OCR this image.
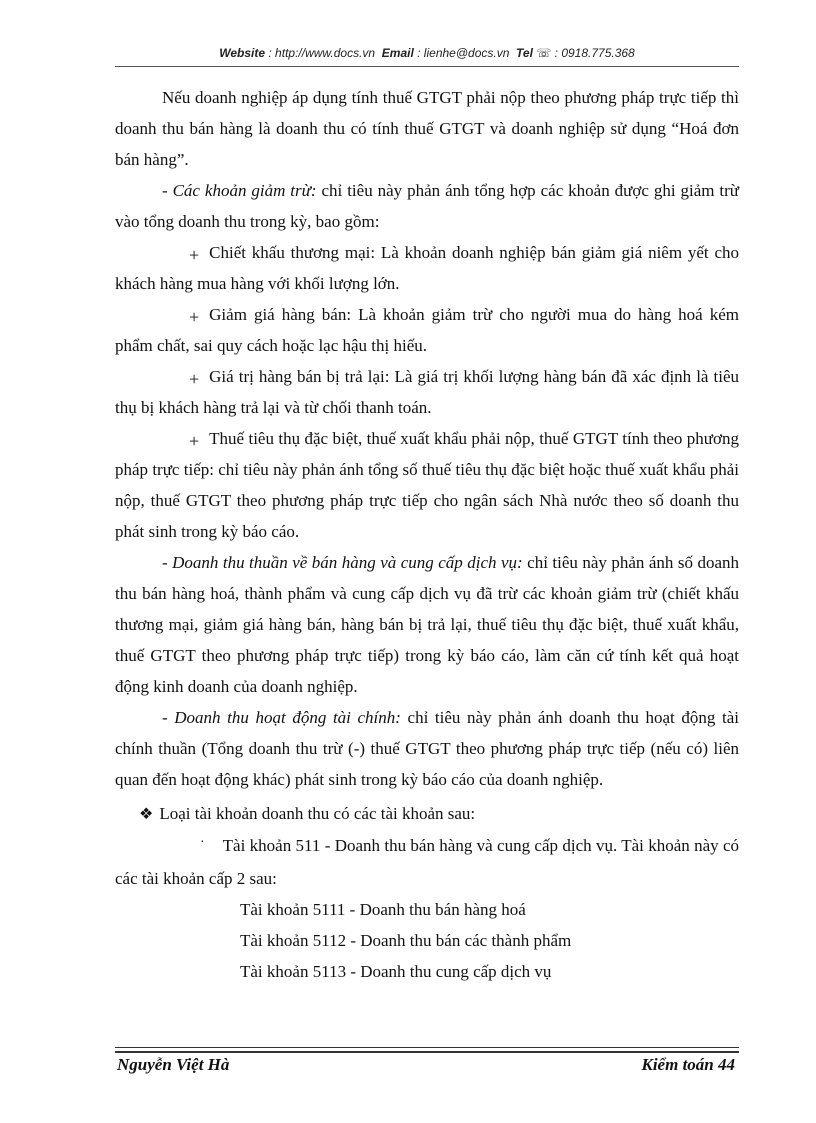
Website : http://www.docs.vn Email : lienhe@docs.vn Tel ☏ : 0918.775.368

Nếu doanh nghiệp áp dụng tính thuế GTGT phải nộp theo phương pháp trực tiếp thì doanh thu bán hàng là doanh thu có tính thuế GTGT và doanh nghiệp sử dụng “Hoá đơn bán hàng”.

- Các khoản giảm trừ: chỉ tiêu này phản ánh tổng hợp các khoản được ghi giảm trừ vào tổng doanh thu trong kỳ, bao gồm:

+ Chiết khấu thương mại: Là khoản doanh nghiệp bán giảm giá niêm yết cho khách hàng mua hàng với khối lượng lớn.

+ Giảm giá hàng bán: Là khoản giảm trừ cho người mua do hàng hoá kém phẩm chất, sai quy cách hoặc lạc hậu thị hiếu.

+ Giá trị hàng bán bị trả lại: Là giá trị khối lượng hàng bán đã xác định là tiêu thụ bị khách hàng trả lại và từ chối thanh toán.

+ Thuế tiêu thụ đặc biệt, thuế xuất khẩu phải nộp, thuế GTGT tính theo phương pháp trực tiếp: chỉ tiêu này phản ánh tổng số thuế tiêu thụ đặc biệt hoặc thuế xuất khẩu phải nộp, thuế GTGT theo phương pháp trực tiếp cho ngân sách Nhà nước theo số doanh thu phát sinh trong kỳ báo cáo.

- Doanh thu thuần về bán hàng và cung cấp dịch vụ: chỉ tiêu này phản ánh số doanh thu bán hàng hoá, thành phẩm và cung cấp dịch vụ đã trừ các khoản giảm trừ (chiết khấu thương mại, giảm giá hàng bán, hàng bán bị trả lại, thuế tiêu thụ đặc biệt, thuế xuất khẩu, thuế GTGT theo phương pháp trực tiếp) trong kỳ báo cáo, làm căn cứ tính kết quả hoạt động kinh doanh của doanh nghiệp.

- Doanh thu hoạt động tài chính: chỉ tiêu này phản ánh doanh thu hoạt động tài chính thuần (Tổng doanh thu trừ (-) thuế GTGT theo phương pháp trực tiếp (nếu có) liên quan đến hoạt động khác) phát sinh trong kỳ báo cáo của doanh nghiệp.

❖ Loại tài khoản doanh thu có các tài khoản sau:

· Tài khoản 511 - Doanh thu bán hàng và cung cấp dịch vụ. Tài khoản này có các tài khoản cấp 2 sau:

Tài khoản 5111 - Doanh thu bán hàng hoá

Tài khoản 5112 - Doanh thu bán các thành phẩm

Tài khoản 5113 - Doanh thu cung cấp dịch vụ

Nguyễn Việt Hà	Kiểm toán 44
